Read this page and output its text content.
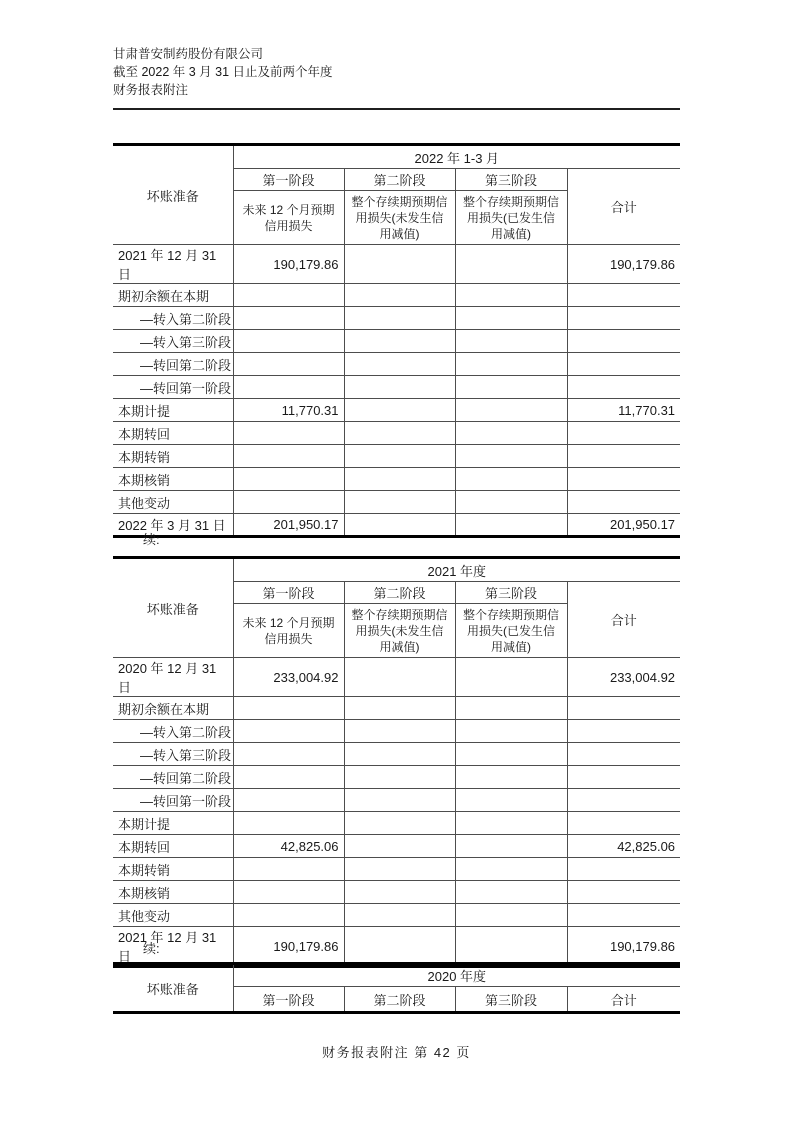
甘肃普安制药股份有限公司
截至 2022 年 3 月 31 日止及前两个年度
财务报表附注
坏账准备	2022 年 1-3 月			
	第一阶段	第二阶段	第三阶段	合计
	未来 12 个月预期信用损失	整个存续期预期信用损失(未发生信用减值)	整个存续期预期信用损失(已发生信用减值)	
2021 年 12 月 31 日	190,179.86			190,179.86
期初余额在本期				
—转入第二阶段				
—转入第三阶段				
—转回第二阶段				
—转回第一阶段				
本期计提	11,770.31			11,770.31
本期转回				
本期转销				
本期核销				
其他变动				
2022 年 3 月 31 日	201,950.17			201,950.17
坏账准备	2021 年度			
	第一阶段	第二阶段	第三阶段	合计
	未来 12 个月预期信用损失	整个存续期预期信用损失(未发生信用减值)	整个存续期预期信用损失(已发生信用减值)	
2020 年 12 月 31 日	233,004.92			233,004.92
期初余额在本期				
—转入第二阶段				
—转入第三阶段				
—转回第二阶段				
—转回第一阶段				
本期计提				
本期转回	42,825.06			42,825.06
本期转销				
本期核销				
其他变动				
2021 年 12 月 31 日	190,179.86			190,179.86
坏账准备	2020 年度			
	第一阶段	第二阶段	第三阶段	合计
续:
续:
财务报表附注 第 42 页
